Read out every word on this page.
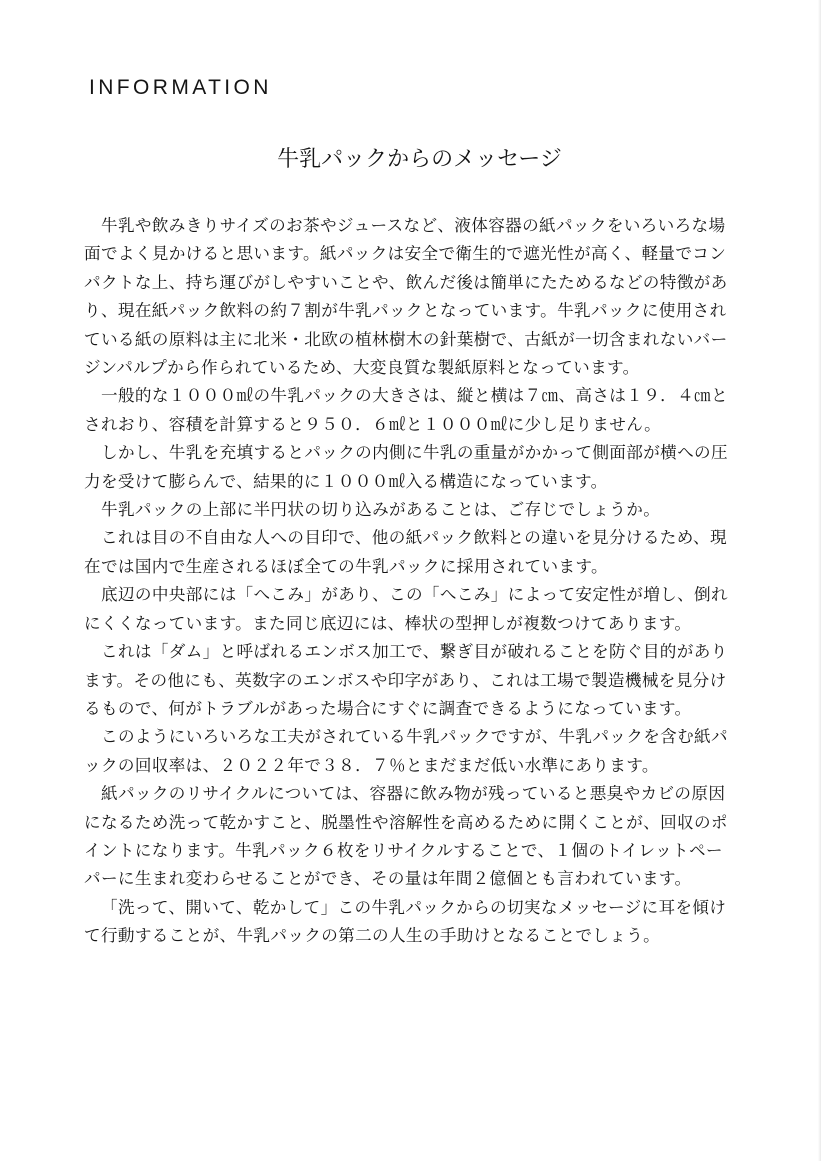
INFORMATION
牛乳パックからのメッセージ

牛乳や飲みきりサイズのお茶やジュースなど、液体容器の紙パックをいろいろな場
面でよく見かけると思います。紙パックは安全で衛生的で遮光性が高く、軽量でコン
パクトな上、持ち運びがしやすいことや、飲んだ後は簡単にたためるなどの特徴があ
り、現在紙パック飲料の約７割が牛乳パックとなっています。牛乳パックに使用され
ている紙の原料は主に北米・北欧の植林樹木の針葉樹で、古紙が一切含まれないバー
ジンパルプから作られているため、大変良質な製紙原料となっています。

一般的な１０００㎖の牛乳パックの大きさは、縦と横は７㎝、高さは１９．４㎝と
されおり、容積を計算すると９５０．６㎖と１０００㎖に少し足りません。

しかし、牛乳を充填するとパックの内側に牛乳の重量がかかって側面部が横への圧
力を受けて膨らんで、結果的に１０００㎖入る構造になっています。

牛乳パックの上部に半円状の切り込みがあることは、ご存じでしょうか。

これは目の不自由な人への目印で、他の紙パック飲料との違いを見分けるため、現
在では国内で生産されるほぼ全ての牛乳パックに採用されています。

底辺の中央部には「へこみ」があり、この「へこみ」によって安定性が増し、倒れ
にくくなっています。また同じ底辺には、棒状の型押しが複数つけてあります。

これは「ダム」と呼ばれるエンボス加工で、繋ぎ目が破れることを防ぐ目的があり
ます。その他にも、英数字のエンボスや印字があり、これは工場で製造機械を見分け
るもので、何がトラブルがあった場合にすぐに調査できるようになっています。

このようにいろいろな工夫がされている牛乳パックですが、牛乳パックを含む紙パ
ックの回収率は、２０２２年で３８．７％とまだまだ低い水準にあります。

紙パックのリサイクルについては、容器に飲み物が残っていると悪臭やカビの原因
になるため洗って乾かすこと、脱墨性や溶解性を高めるために開くことが、回収のポ
イントになります。牛乳パック６枚をリサイクルすることで、１個のトイレットペー
パーに生まれ変わらせることができ、その量は年間２億個とも言われています。

「洗って、開いて、乾かして」この牛乳パックからの切実なメッセージに耳を傾け
て行動することが、牛乳パックの第二の人生の手助けとなることでしょう。
